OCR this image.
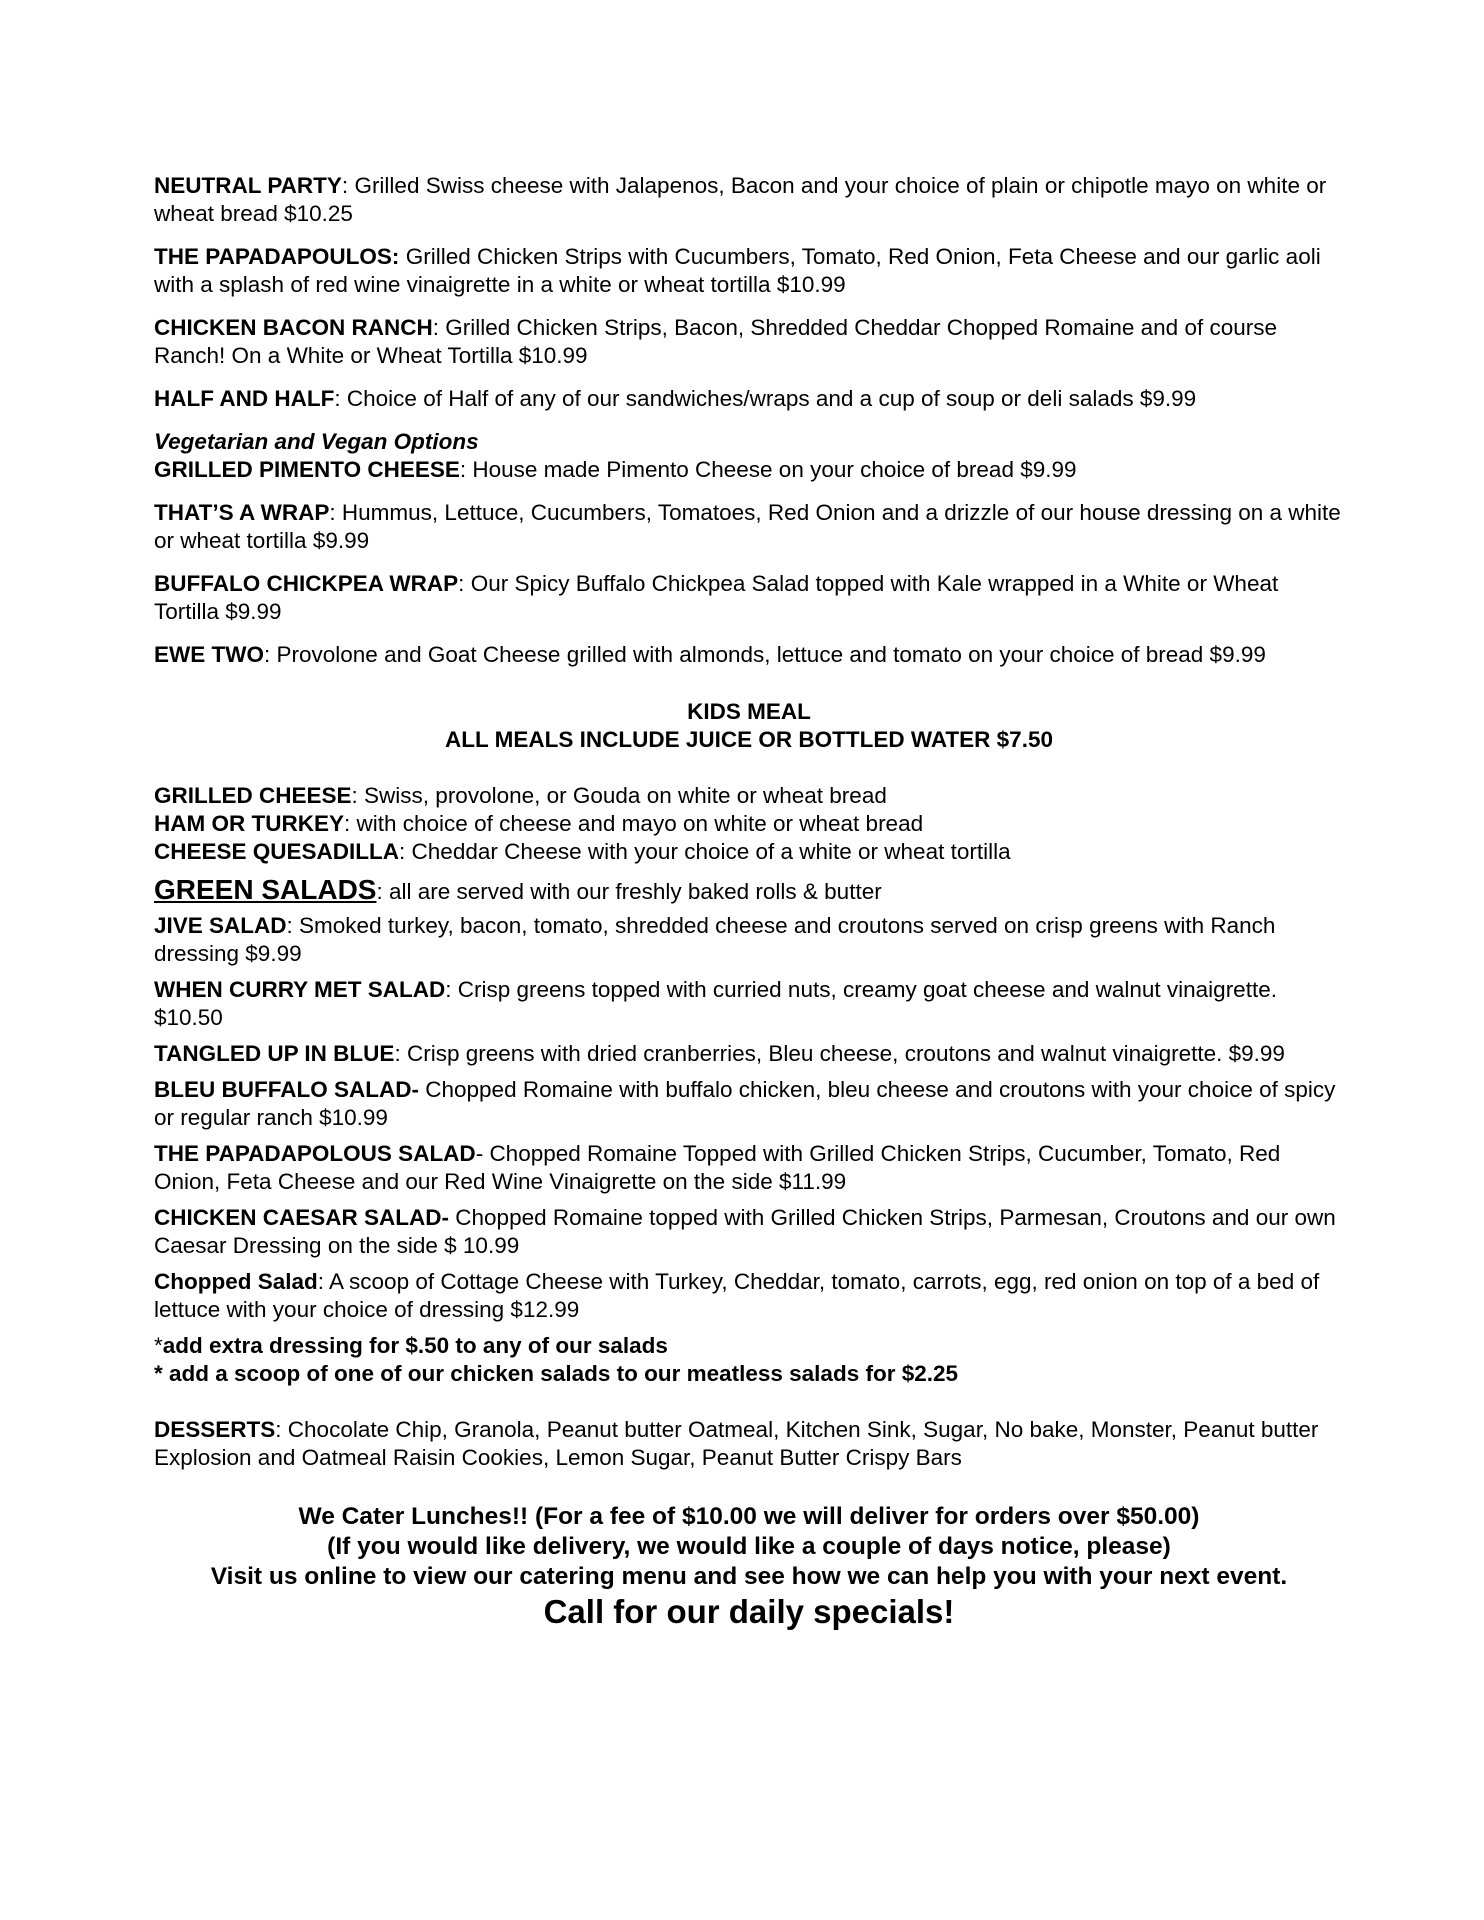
NEUTRAL PARTY: Grilled Swiss cheese with Jalapenos, Bacon and your choice of plain or chipotle mayo on white or wheat bread $10.25
THE PAPADAPOULOS: Grilled Chicken Strips with Cucumbers, Tomato, Red Onion, Feta Cheese and our garlic aoli with a splash of red wine vinaigrette in a white or wheat tortilla $10.99
CHICKEN BACON RANCH: Grilled Chicken Strips, Bacon, Shredded Cheddar Chopped Romaine and of course Ranch! On a White or Wheat Tortilla $10.99
HALF AND HALF: Choice of Half of any of our sandwiches/wraps and a cup of soup or deli salads $9.99
Vegetarian and Vegan Options
GRILLED PIMENTO CHEESE: House made Pimento Cheese on your choice of bread $9.99
THAT’S A WRAP: Hummus, Lettuce, Cucumbers, Tomatoes, Red Onion and a drizzle of our house dressing on a white or wheat tortilla $9.99
BUFFALO CHICKPEA WRAP: Our Spicy Buffalo Chickpea Salad topped with Kale wrapped in a White or Wheat Tortilla $9.99
EWE TWO: Provolone and Goat Cheese grilled with almonds, lettuce and tomato on your choice of bread $9.99
KIDS MEAL
ALL MEALS INCLUDE JUICE OR BOTTLED WATER $7.50
GRILLED CHEESE: Swiss, provolone, or Gouda on white or wheat bread
HAM OR TURKEY: with choice of cheese and mayo on white or wheat bread
CHEESE QUESADILLA: Cheddar Cheese with your choice of a white or wheat tortilla
GREEN SALADS: all are served with our freshly baked rolls & butter
JIVE SALAD: Smoked turkey, bacon, tomato, shredded cheese and croutons served on crisp greens with Ranch dressing $9.99
WHEN CURRY MET SALAD: Crisp greens topped with curried nuts, creamy goat cheese and walnut vinaigrette. $10.50
TANGLED UP IN BLUE: Crisp greens with dried cranberries, Bleu cheese, croutons and walnut vinaigrette. $9.99
BLEU BUFFALO SALAD- Chopped Romaine with buffalo chicken, bleu cheese and croutons with your choice of spicy or regular ranch $10.99
THE PAPADAPOLOUS SALAD- Chopped Romaine Topped with Grilled Chicken Strips, Cucumber, Tomato, Red Onion, Feta Cheese and our Red Wine Vinaigrette on the side $11.99
CHICKEN CAESAR SALAD- Chopped Romaine topped with Grilled Chicken Strips, Parmesan, Croutons and our own Caesar Dressing on the side $ 10.99
Chopped Salad: A scoop of Cottage Cheese with Turkey, Cheddar, tomato, carrots, egg, red onion on top of a bed of lettuce with your choice of dressing $12.99
*add extra dressing for $.50 to any of our salads
* add a scoop of one of our chicken salads to our meatless salads for $2.25
DESSERTS: Chocolate Chip, Granola, Peanut butter Oatmeal, Kitchen Sink, Sugar, No bake, Monster, Peanut butter Explosion and Oatmeal Raisin Cookies, Lemon Sugar, Peanut Butter Crispy Bars
We Cater Lunches!! (For a fee of $10.00 we will deliver for orders over $50.00)
(If you would like delivery, we would like a couple of days notice, please)
Visit us online to view our catering menu and see how we can help you with your next event.
Call for our daily specials!
